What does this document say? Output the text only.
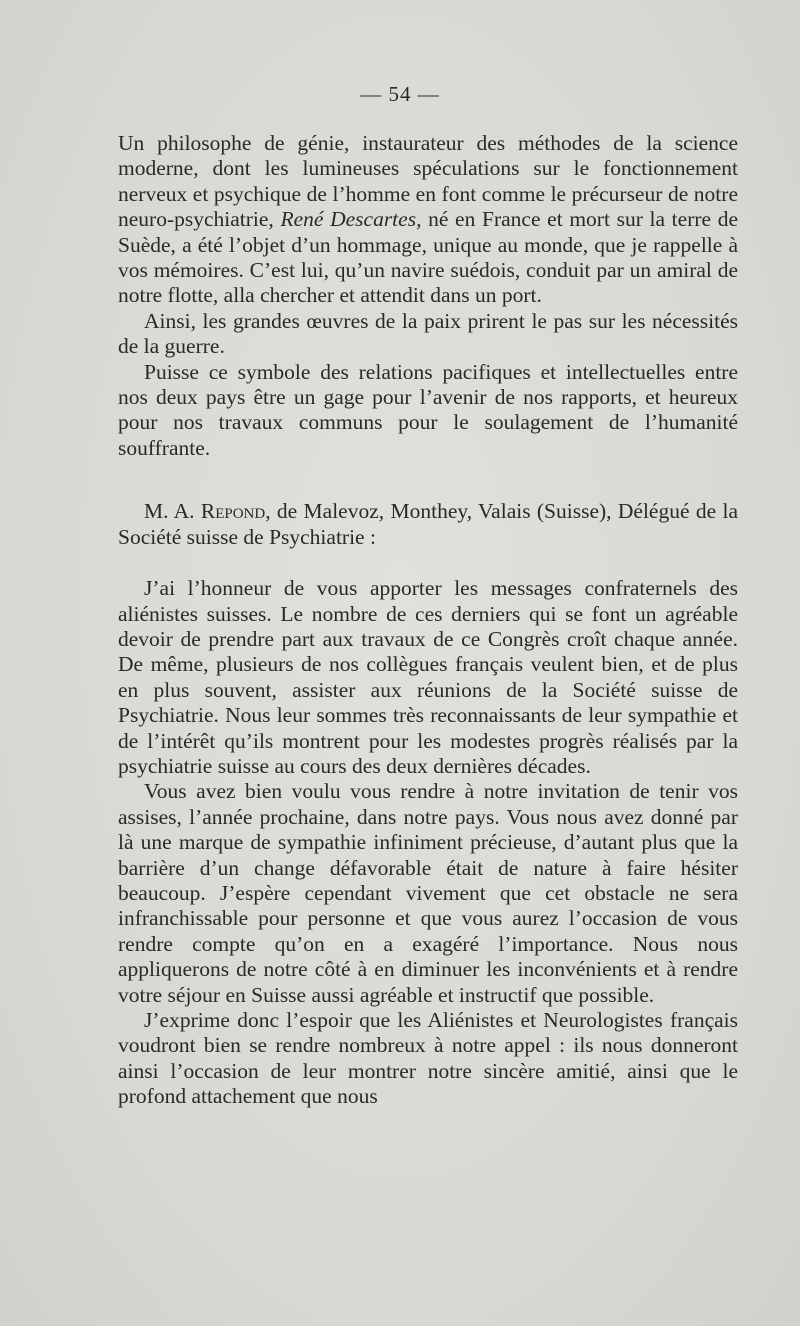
— 54 —

Un philosophe de génie, instaurateur des méthodes de la science moderne, dont les lumineuses spéculations sur le fonctionnement nerveux et psychique de l’homme en font comme le précurseur de notre neuro-psychiatrie, René Descartes, né en France et mort sur la terre de Suède, a été l’objet d’un hommage, unique au monde, que je rappelle à vos mémoires. C’est lui, qu’un navire suédois, conduit par un amiral de notre flotte, alla chercher et attendit dans un port.

Ainsi, les grandes œuvres de la paix prirent le pas sur les nécessités de la guerre.

Puisse ce symbole des relations pacifiques et intellectuelles entre nos deux pays être un gage pour l’avenir de nos rapports, et heureux pour nos travaux communs pour le soulagement de l’humanité souffrante.

M. A. Repond, de Malevoz, Monthey, Valais (Suisse), Délégué de la Société suisse de Psychiatrie :

J’ai l’honneur de vous apporter les messages confraternels des aliénistes suisses. Le nombre de ces derniers qui se font un agréable devoir de prendre part aux travaux de ce Congrès croît chaque année. De même, plusieurs de nos collègues français veulent bien, et de plus en plus souvent, assister aux réunions de la Société suisse de Psychiatrie. Nous leur sommes très reconnaissants de leur sympathie et de l’intérêt qu’ils montrent pour les modestes progrès réalisés par la psychiatrie suisse au cours des deux dernières décades.

Vous avez bien voulu vous rendre à notre invitation de tenir vos assises, l’année prochaine, dans notre pays. Vous nous avez donné par là une marque de sympathie infiniment précieuse, d’autant plus que la barrière d’un change défavorable était de nature à faire hésiter beaucoup. J’espère cependant vivement que cet obstacle ne sera infranchissable pour personne et que vous aurez l’occasion de vous rendre compte qu’on en a exagéré l’importance. Nous nous appliquerons de notre côté à en diminuer les inconvénients et à rendre votre séjour en Suisse aussi agréable et instructif que possible.

J’exprime donc l’espoir que les Aliénistes et Neurologistes français voudront bien se rendre nombreux à notre appel : ils nous donneront ainsi l’occasion de leur montrer notre sincère amitié, ainsi que le profond attachement que nous
